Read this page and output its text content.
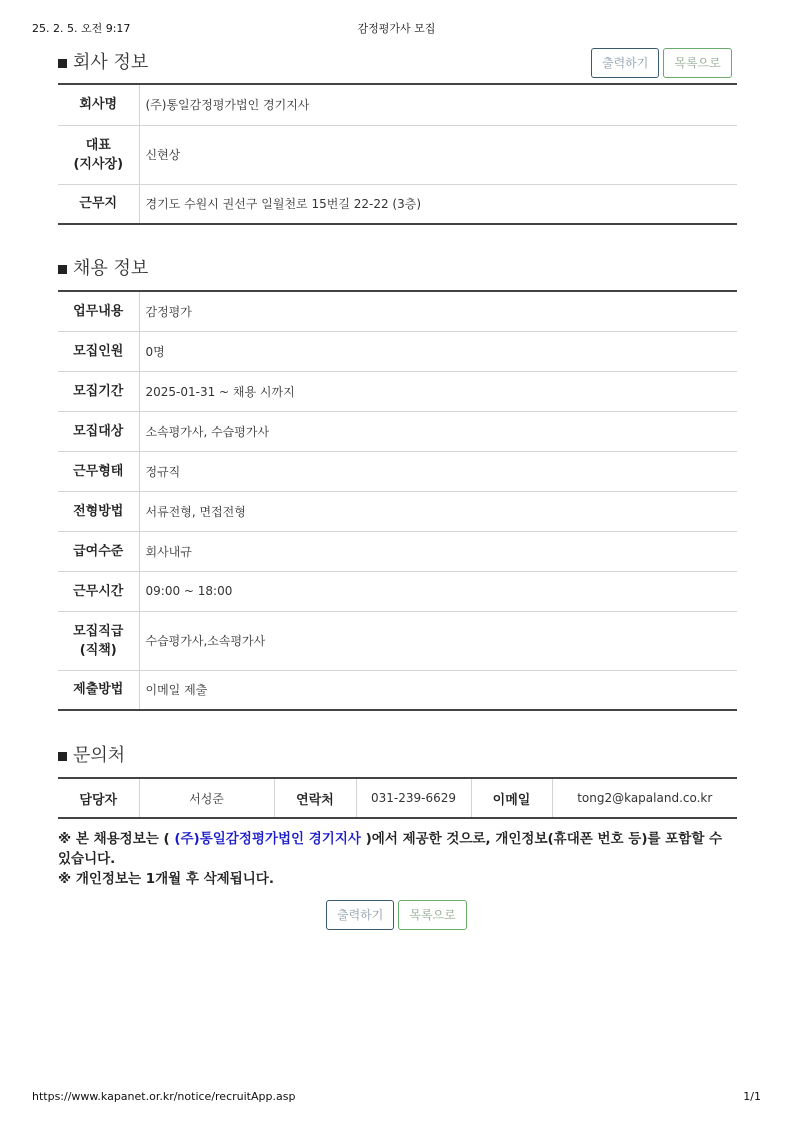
25. 2. 5. 오전 9:17	감정평가사 모집
회사 정보	출력하기	목록으로
회사명	(주)통일감정평가법인 경기지사
대표
(지사장)	신현상
근무지	경기도 수원시 권선구 일월천로 15번길 22-22 (3층)
채용 정보
업무내용	감정평가
모집인원	0명
모집기간	2025-01-31 ~ 채용 시까지
모집대상	소속평가사, 수습평가사
근무형태	정규직
전형방법	서류전형, 면접전형
급여수준	회사내규
근무시간	09:00 ~ 18:00
모집직급
(직책)	수습평가사,소속평가사
제출방법	이메일 제출
문의처
담당자	서성준	연락처	031-239-6629	이메일	tong2@kapaland.co.kr
※ 본 채용정보는 ( (주)통일감정평가법인 경기지사 )에서 제공한 것으로, 개인정보(휴대폰 번호 등)를 포함할 수 있습니다.
※ 개인정보는 1개월 후 삭제됩니다.
출력하기	목록으로
https://www.kapanet.or.kr/notice/recruitApp.asp	1/1
